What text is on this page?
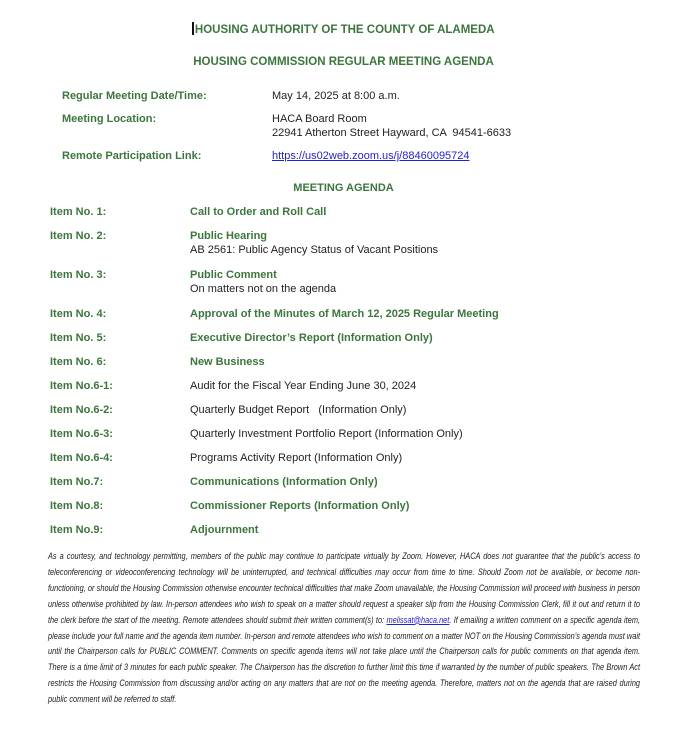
HOUSING AUTHORITY OF THE COUNTY OF ALAMEDA
HOUSING COMMISSION REGULAR MEETING AGENDA
Regular Meeting Date/Time:	May 14, 2025 at 8:00 a.m.
Meeting Location:	HACA Board Room
22941 Atherton Street Hayward, CA  94541-6633
Remote Participation Link:	https://us02web.zoom.us/j/88460095724
MEETING AGENDA
Item No. 1:	Call to Order and Roll Call
Item No. 2:	Public Hearing
AB 2561: Public Agency Status of Vacant Positions
Item No. 3:	Public Comment
On matters not on the agenda
Item No. 4:	Approval of the Minutes of March 12, 2025 Regular Meeting
Item No. 5:	Executive Director’s Report (Information Only)
Item No. 6:	New Business
Item No.6-1:	Audit for the Fiscal Year Ending June 30, 2024
Item No.6-2:	Quarterly Budget Report   (Information Only)
Item No.6-3:	Quarterly Investment Portfolio Report (Information Only)
Item No.6-4:	Programs Activity Report (Information Only)
Item No.7:	Communications (Information Only)
Item No.8:	Commissioner Reports (Information Only)
Item No.9:	Adjournment
As a courtesy, and technology permitting, members of the public may continue to participate virtually by Zoom. However, HACA does not guarantee that the public’s access to teleconferencing or videoconferencing technology will be uninterrupted, and technical difficulties may occur from time to time. Should Zoom not be available, or become non-functioning, or should the Housing Commission otherwise encounter technical difficulties that make Zoom unavailable, the Housing Commission will proceed with business in person unless otherwise prohibited by law. In-person attendees who wish to speak on a matter should request a speaker slip from the Housing Commission Clerk, fill it out and return it to the clerk before the start of the meeting. Remote attendees should submit their written comment(s) to: melissat@haca.net. If emailing a written comment on a specific agenda item, please include your full name and the agenda item number. In-person and remote attendees who wish to comment on a matter NOT on the Housing Commission’s agenda must wait until the Chairperson calls for PUBLIC COMMENT. Comments on specific agenda items will not take place until the Chairperson calls for public comments on that agenda item. There is a time limit of 3 minutes for each public speaker. The Chairperson has the discretion to further limit this time if warranted by the number of public speakers. The Brown Act restricts the Housing Commission from discussing and/or acting on any matters that are not on the meeting agenda. Therefore, matters not on the agenda that are raised during public comment will be referred to staff.
